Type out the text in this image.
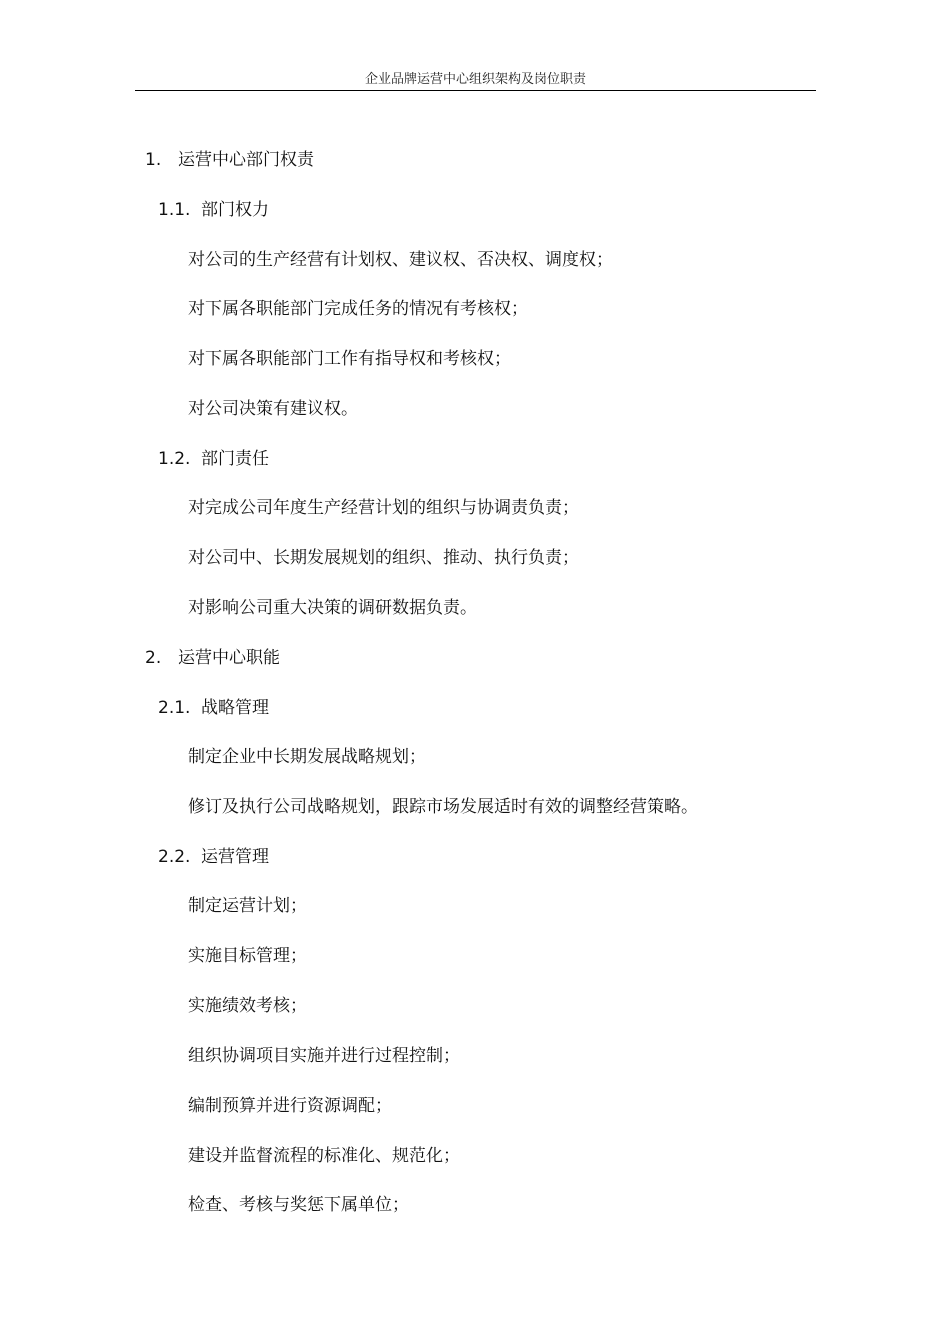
企业品牌运营中心组织架构及岗位职责
1. 运营中心部门权责
1.1. 部门权力
对公司的生产经营有计划权、建议权、否决权、调度权；
对下属各职能部门完成任务的情况有考核权；
对下属各职能部门工作有指导权和考核权；
对公司决策有建议权。
1.2. 部门责任
对完成公司年度生产经营计划的组织与协调责负责；
对公司中、长期发展规划的组织、推动、执行负责；
对影响公司重大决策的调研数据负责。
2. 运营中心职能
2.1. 战略管理
制定企业中长期发展战略规划；
修订及执行公司战略规划，跟踪市场发展适时有效的调整经营策略。
2.2. 运营管理
制定运营计划；
实施目标管理；
实施绩效考核；
组织协调项目实施并进行过程控制；
编制预算并进行资源调配；
建设并监督流程的标准化、规范化；
检查、考核与奖惩下属单位；
